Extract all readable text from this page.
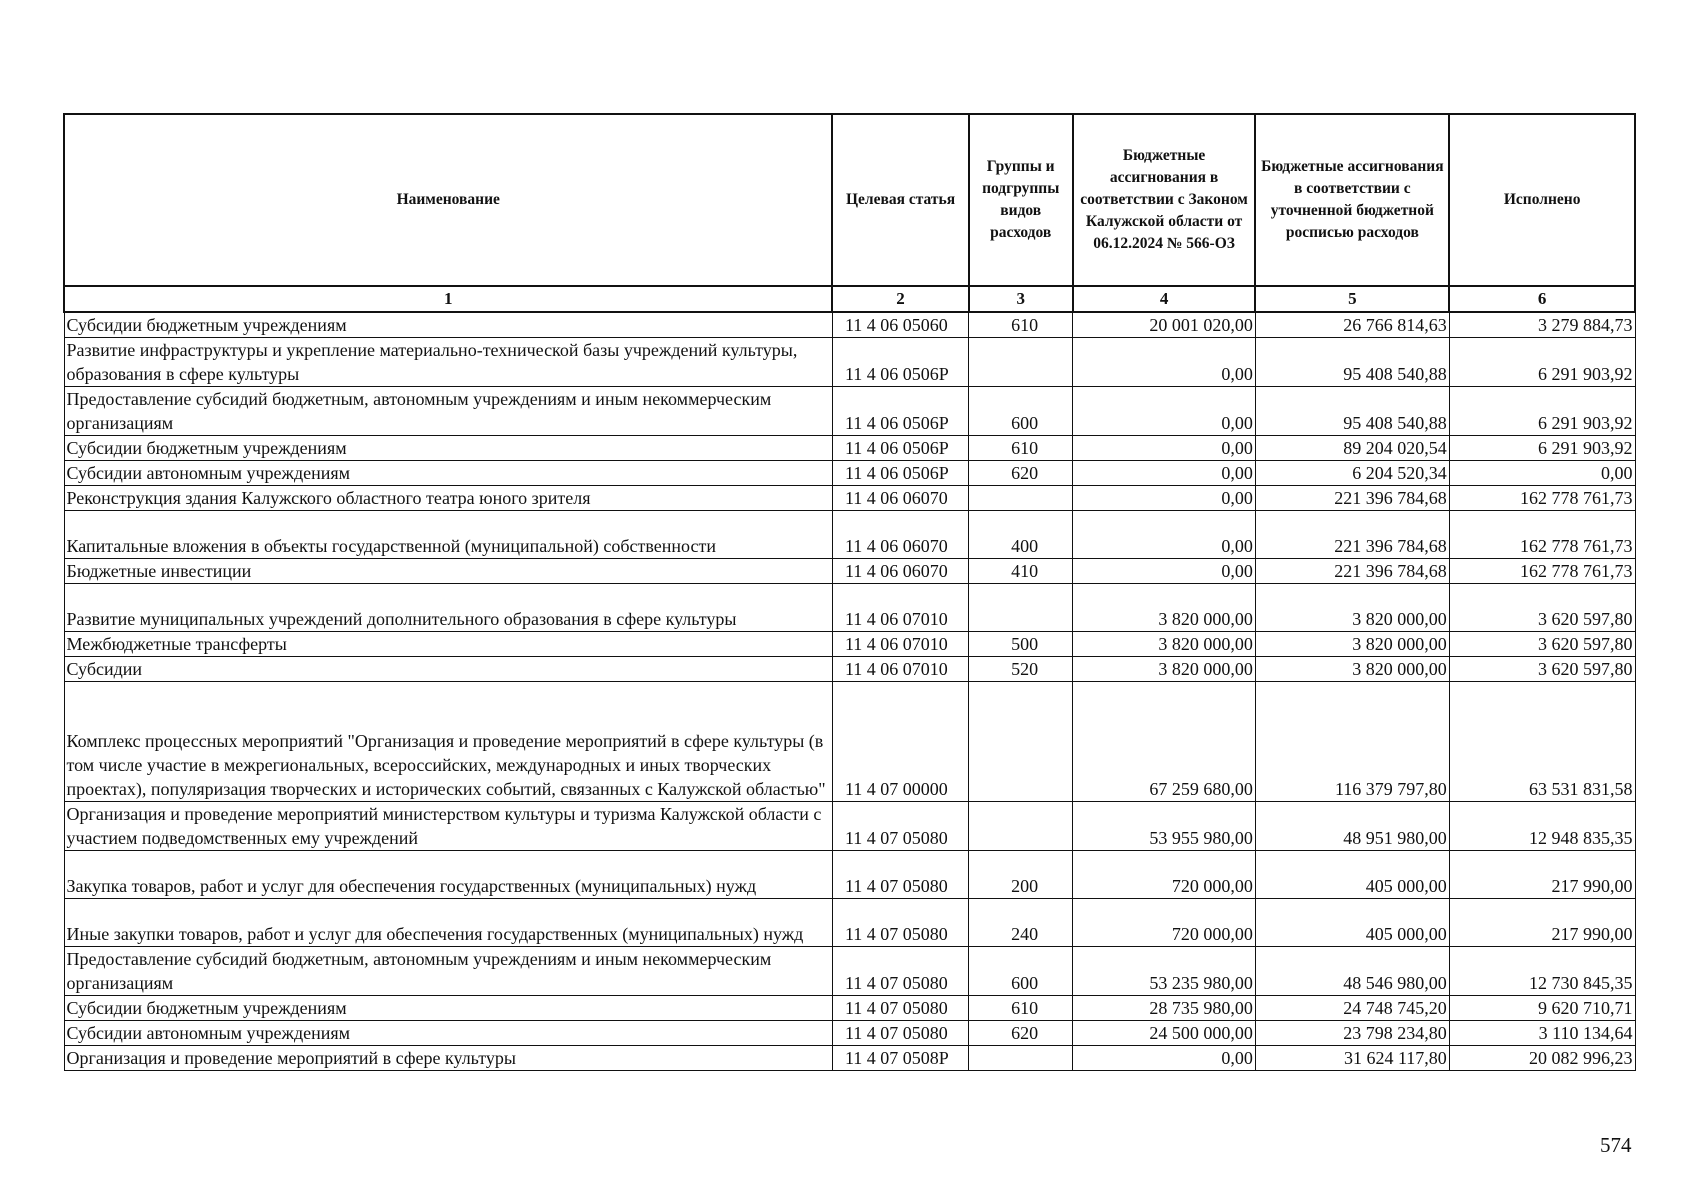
Наименование	Целевая статья	Группы и подгруппы видов расходов	Бюджетные ассигнования в соответствии с Законом Калужской области от 06.12.2024 № 566-ОЗ	Бюджетные ассигнования в соответствии с уточненной бюджетной росписью расходов	Исполнено
1	2	3	4	5	6
Субсидии бюджетным учреждениям	11 4 06 05060	610	20 001 020,00	26 766 814,63	3 279 884,73
Развитие инфраструктуры и укрепление материально-технической базы учреждений культуры, образования в сфере культуры	11 4 06 0506Р		0,00	95 408 540,88	6 291 903,92
Предоставление субсидий бюджетным, автономным учреждениям и иным некоммерческим организациям	11 4 06 0506Р	600	0,00	95 408 540,88	6 291 903,92
Субсидии бюджетным учреждениям	11 4 06 0506Р	610	0,00	89 204 020,54	6 291 903,92
Субсидии автономным учреждениям	11 4 06 0506Р	620	0,00	6 204 520,34	0,00
Реконструкция здания Калужского областного театра юного зрителя	11 4 06 06070		0,00	221 396 784,68	162 778 761,73
Капитальные вложения в объекты государственной (муниципальной) собственности	11 4 06 06070	400	0,00	221 396 784,68	162 778 761,73
Бюджетные инвестиции	11 4 06 06070	410	0,00	221 396 784,68	162 778 761,73
Развитие муниципальных учреждений дополнительного образования в сфере культуры	11 4 06 07010		3 820 000,00	3 820 000,00	3 620 597,80
Межбюджетные трансферты	11 4 06 07010	500	3 820 000,00	3 820 000,00	3 620 597,80
Субсидии	11 4 06 07010	520	3 820 000,00	3 820 000,00	3 620 597,80
Комплекс процессных мероприятий "Организация и проведение мероприятий в сфере культуры (в том числе участие в межрегиональных, всероссийских, международных и иных творческих проектах), популяризация творческих и исторических событий, связанных с Калужской областью"	11 4 07 00000		67 259 680,00	116 379 797,80	63 531 831,58
Организация и проведение мероприятий министерством культуры и туризма Калужской области с участием подведомственных ему учреждений	11 4 07 05080		53 955 980,00	48 951 980,00	12 948 835,35
Закупка товаров, работ и услуг для обеспечения государственных (муниципальных) нужд	11 4 07 05080	200	720 000,00	405 000,00	217 990,00
Иные закупки товаров, работ и услуг для обеспечения государственных (муниципальных) нужд	11 4 07 05080	240	720 000,00	405 000,00	217 990,00
Предоставление субсидий бюджетным, автономным учреждениям и иным некоммерческим организациям	11 4 07 05080	600	53 235 980,00	48 546 980,00	12 730 845,35
Субсидии бюджетным учреждениям	11 4 07 05080	610	28 735 980,00	24 748 745,20	9 620 710,71
Субсидии автономным учреждениям	11 4 07 05080	620	24 500 000,00	23 798 234,80	3 110 134,64
Организация и проведение мероприятий в сфере культуры	11 4 07 0508Р		0,00	31 624 117,80	20 082 996,23
574
